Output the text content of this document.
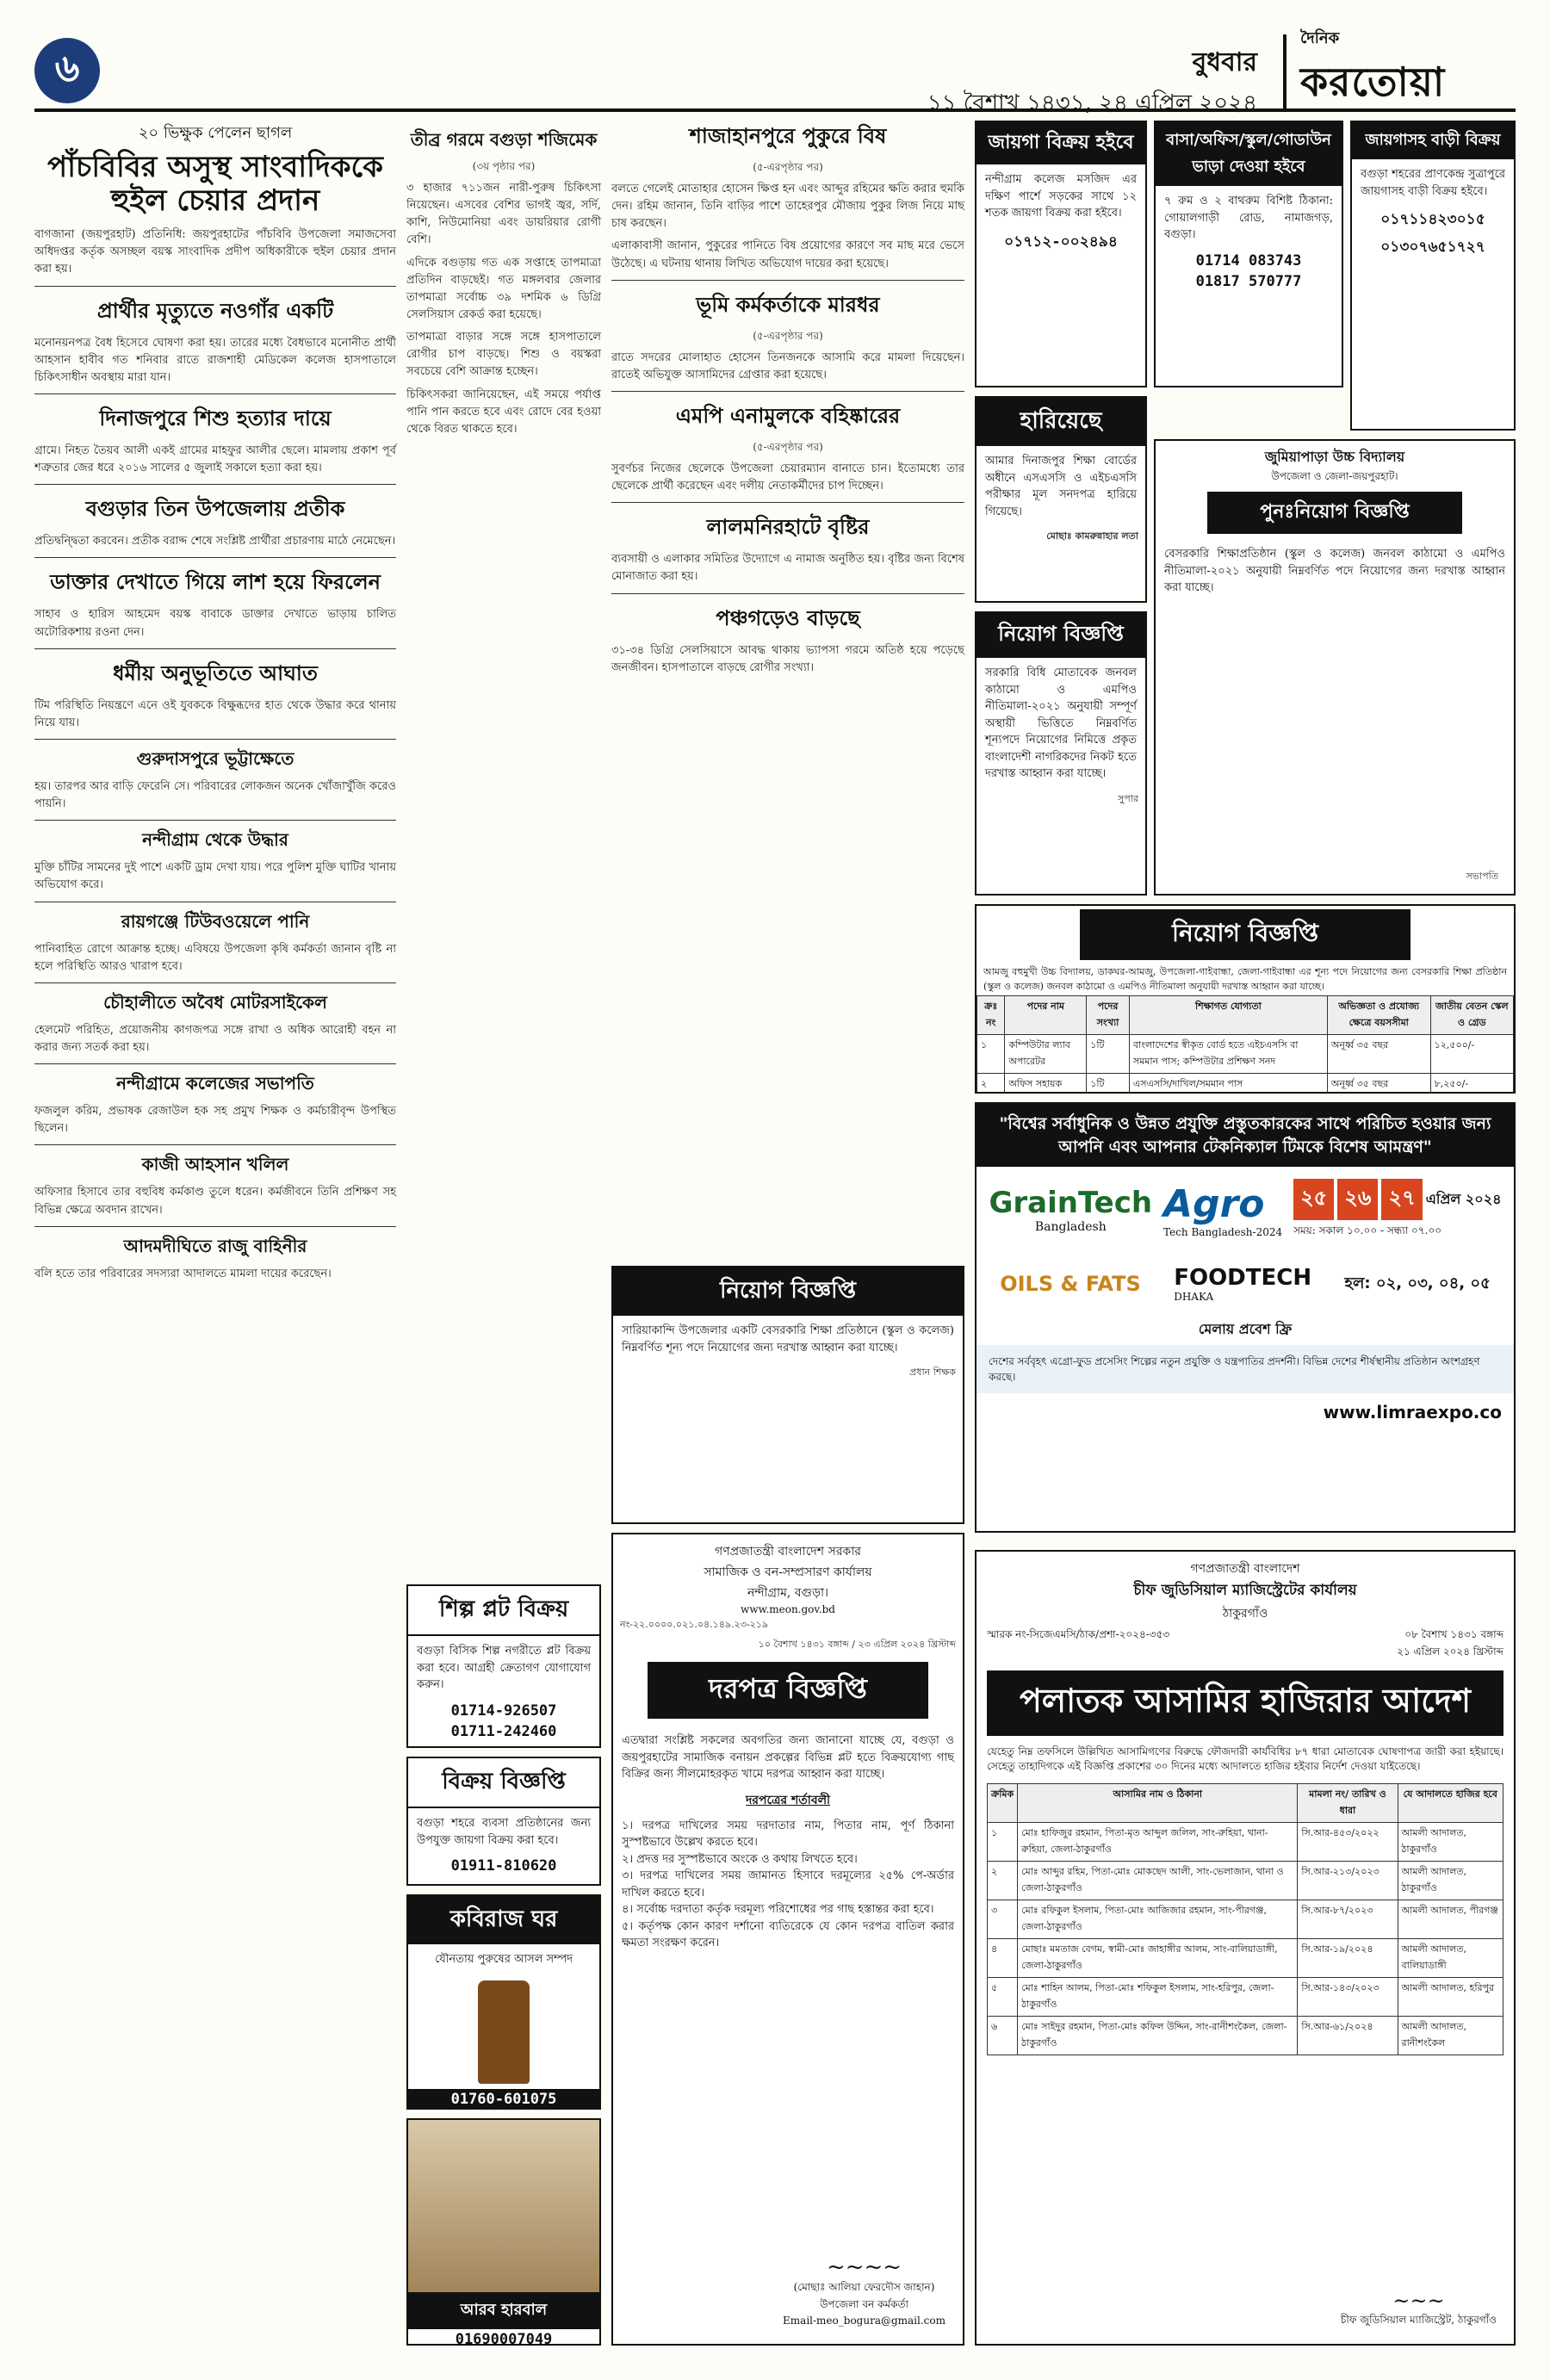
৬	বুধবার
১১ বৈশাখ ১৪৩১, ২৪ এপ্রিল ২০২৪
দৈনিক
করতোয়া
২০ ভিক্ষুক পেলেন ছাগল
পাঁচবিবির অসুস্থ সাংবাদিককে হুইল চেয়ার প্রদান

বাগজানা (জয়পুরহাট) প্রতিনিধি: জয়পুরহাটের পাঁচবিবি উপজেলা সমাজসেবা অধিদপ্তর কর্তৃক অসচ্ছল বয়স্ক সাংবাদিক প্রদীপ অধিকারীকে হুইল চেয়ার প্রদান করা হয়।

প্রার্থীর মৃত্যুতে নওগাঁর একটি

মনোনয়নপত্র বৈধ হিসেবে ঘোষণা করা হয়। তারের মধ্যে বৈধভাবে মনোনীত প্রার্থী আহসান হাবীব গত শনিবার রাতে রাজশাহী মেডিকেল কলেজ হাসপাতালে চিকিৎসাধীন অবস্থায় মারা যান।

দিনাজপুরে শিশু হত্যার দায়ে

গ্রামে। নিহত তৈয়ব আলী একই গ্রামের মাহফুর আলীর ছেলে। মামলায় প্রকাশ পূর্ব শত্রুতার জের ধরে ২০১৬ সালের ৫ জুলাই সকালে হত্যা করা হয়।

বগুড়ার তিন উপজেলায় প্রতীক

প্রতিদ্বন্দ্বিতা করবেন। প্রতীক বরাদ্দ শেষে সংশ্লিষ্ট প্রার্থীরা প্রচারণায় মাঠে নেমেছেন।

ডাক্তার দেখাতে গিয়ে লাশ হয়ে ফিরলেন

সাহাব ও হারিস আহমেদ বয়স্ক বাবাকে ডাক্তার দেখাতে ভাড়ায় চালিত অটোরিকশায় রওনা দেন।

ধর্মীয় অনুভূতিতে আঘাত

টিম পরিস্থিতি নিয়ন্ত্রণে এনে ওই যুবককে বিক্ষুব্ধদের হাত থেকে উদ্ধার করে থানায় নিয়ে যায়।

গুরুদাসপুরে ভূট্টাক্ষেতে

হয়। তারপর আর বাড়ি ফেরেনি সে। পরিবারের লোকজন অনেক খোঁজাখুঁজি করেও পায়নি।

নন্দীগ্রাম থেকে উদ্ধার

মুক্তি চাঁটির সামনের দুই পাশে একটি ড্রাম দেখা যায়। পরে পুলিশ মুক্তি ঘাটির খানায় অভিযোগ করে।

রায়গঞ্জে টিউবওয়েলে পানি

পানিবাহিত রোগে আক্রান্ত হচ্ছে। এবিষয়ে উপজেলা কৃষি কর্মকর্তা জানান বৃষ্টি না হলে পরিস্থিতি আরও খারাপ হবে।

চৌহালীতে অবৈধ মোটরসাইকেল

হেলমেট পরিহিত, প্রয়োজনীয় কাগজপত্র সঙ্গে রাখা ও অধিক আরোহী বহন না করার জন্য সতর্ক করা হয়।

নন্দীগ্রামে কলেজের সভাপতি

ফজলুল করিম, প্রভাষক রেজাউল হক সহ প্রমুখ শিক্ষক ও কর্মচারীবৃন্দ উপস্থিত ছিলেন।

কাজী আহসান খলিল

অফিসার হিসাবে তার বহুবিধ কর্মকাণ্ড তুলে ধরেন। কর্মজীবনে তিনি প্রশিক্ষণ সহ বিভিন্ন ক্ষেত্রে অবদান রাখেন।

আদমদীঘিতে রাজু বাহিনীর

বলি হতে তার পরিবারের সদস্যরা আদালতে মামলা দায়ের করেছেন।

তীব্র গরমে বগুড়া শজিমেক
(৩য় পৃষ্ঠার পর)

৩ হাজার ৭১১জন নারী-পুরুষ চিকিৎসা নিয়েছেন। এসবের বেশির ভাগই জ্বর, সর্দি, কাশি, নিউমোনিয়া এবং ডায়রিয়ার রোগী বেশি।

এদিকে বগুড়ায় গত এক সপ্তাহে তাপমাত্রা প্রতিদিন বাড়ছেই। গত মঙ্গলবার জেলার তাপমাত্রা সর্বোচ্চ ৩৯ দশমিক ৬ ডিগ্রি সেলসিয়াস রেকর্ড করা হয়েছে।

তাপমাত্রা বাড়ার সঙ্গে সঙ্গে হাসপাতালে রোগীর চাপ বাড়ছে। শিশু ও বয়স্করা সবচেয়ে বেশি আক্রান্ত হচ্ছেন।

চিকিৎসকরা জানিয়েছেন, এই সময়ে পর্যাপ্ত পানি পান করতে হবে এবং রোদে বের হওয়া থেকে বিরত থাকতে হবে।

শিল্প প্লট বিক্রয়
বগুড়া বিসিক শিল্প নগরীতে প্লট বিক্রয় করা হবে। আগ্রহী ক্রেতাগণ যোগাযোগ করুন।
01714-926507
01711-242460
বিক্রয় বিজ্ঞপ্তি
বগুড়া শহরে ব্যবসা প্রতিষ্ঠানের জন্য উপযুক্ত জায়গা বিক্রয় করা হবে।
01911-810620
কবিরাজ ঘর
যৌনতায় পুরুষের আসল সম্পদ
01760-601075
আরব হারবাল
01690007049
শাজাহানপুরে পুকুরে বিষ
(৫-এরপৃষ্ঠার পর)

বলতে গেলেই মোতাহার হোসেন ক্ষিপ্ত হন এবং আব্দুর রহিমের ক্ষতি করার হুমকি দেন। রহিম জানান, তিনি বাড়ির পাশে তাহেরপুর মৌজায় পুকুর লিজ নিয়ে মাছ চাষ করছেন।

এলাকাবাসী জানান, পুকুরের পানিতে বিষ প্রয়োগের কারণে সব মাছ মরে ভেসে উঠেছে। এ ঘটনায় থানায় লিখিত অভিযোগ দায়ের করা হয়েছে।

ভূমি কর্মকর্তাকে মারধর
(৫-এরপৃষ্ঠার পর)

রাতে সদরের মোলাহাত হোসেন তিনজনকে আসামি করে মামলা দিয়েছেন। রাতেই অভিযুক্ত আসামিদের গ্রেপ্তার করা হয়েছে।

এমপি এনামুলকে বহিষ্কারের
(৫-এরপৃষ্ঠার পর)

সুবর্ণচর নিজের ছেলেকে উপজেলা চেয়ারম্যান বানাতে চান। ইতোমধ্যে তার ছেলেকে প্রার্থী করেছেন এবং দলীয় নেতাকর্মীদের চাপ দিচ্ছেন।

লালমনিরহাটে বৃষ্টির

ব্যবসায়ী ও এলাকার সমিতির উদ্যোগে এ নামাজ অনুষ্ঠিত হয়। বৃষ্টির জন্য বিশেষ মোনাজাত করা হয়।

পঞ্চগড়েও বাড়ছে

৩১-৩৪ ডিগ্রি সেলসিয়াসে আবদ্ধ থাকায় ভ্যাপসা গরমে অতিষ্ঠ হয়ে পড়েছে জনজীবন। হাসপাতালে বাড়ছে রোগীর সংখ্যা।

নিয়োগ বিজ্ঞপ্তি
সারিয়াকান্দি উপজেলার একটি বেসরকারি শিক্ষা প্রতিষ্ঠানে (স্কুল ও কলেজ) নিম্নবর্ণিত শূন্য পদে নিয়োগের জন্য দরখাস্ত আহ্বান করা যাচ্ছে।
প্রধান শিক্ষক
গণপ্রজাতন্ত্রী বাংলাদেশ সরকার
সামাজিক ও বন-সম্প্রসারণ কার্যালয়
নন্দীগ্রাম, বগুড়া।
www.meon.gov.bd
নং-২২.০০০০.০২১.০৪.১৪৯.২৩-২১৯
১০ বৈশাখ ১৪৩১ বঙ্গাব্দ / ২৩ এপ্রিল ২০২৪ খ্রিস্টাব্দ
দরপত্র বিজ্ঞপ্তি
এতদ্বারা সংশ্লিষ্ট সকলের অবগতির জন্য জানানো যাচ্ছে যে, বগুড়া ও জয়পুরহাটের সামাজিক বনায়ন প্রকল্পের বিভিন্ন প্লট হতে বিক্রয়যোগ্য গাছ বিক্রির জন্য সীলমোহরকৃত খামে দরপত্র আহ্বান করা যাচ্ছে।
দরপত্রের শর্তাবলী
১। দরপত্র দাখিলের সময় দরদাতার নাম, পিতার নাম, পূর্ণ ঠিকানা সুস্পষ্টভাবে উল্লেখ করতে হবে।
২। প্রদত্ত দর সুস্পষ্টভাবে অংকে ও কথায় লিখতে হবে।
৩। দরপত্র দাখিলের সময় জামানত হিসাবে দরমূল্যের ২৫% পে-অর্ডার দাখিল করতে হবে।
৪। সর্বোচ্চ দরদাতা কর্তৃক দরমূল্য পরিশোধের পর গাছ হস্তান্তর করা হবে।
৫। কর্তৃপক্ষ কোন কারণ দর্শানো ব্যতিরেকে যে কোন দরপত্র বাতিল করার ক্ষমতা সংরক্ষণ করেন।
~~~~
(মোছাঃ আলিয়া ফেরদৌস জাহান)
উপজেলা বন কর্মকর্তা
Email-meo_bogura@gmail.com
জায়গা বিক্রয় হইবে
নন্দীগ্রাম কলেজ মসজিদ এর দক্ষিণ পার্শে সড়কের সাথে ১২ শতক জায়গা বিক্রয় করা হইবে।
০১৭১২-০০২৪৯৪
বাসা/অফিস/স্কুল/গোডাউন ভাড়া দেওয়া হইবে
৭ রুম ও ২ বাথরুম বিশিষ্ট ঠিকানা: গোয়ালগাড়ী রোড, নামাজগড়, বগুড়া।
01714 083743
01817 570777
জায়গাসহ বাড়ী বিক্রয়
বগুড়া শহরের প্রাণকেন্দ্র সুত্রাপুরে জায়গাসহ বাড়ী বিক্রয় হইবে।
০১৭১১৪২৩০১৫
০১৩০৭৬৫১৭২৭
হারিয়েছে
আমার দিনাজপুর শিক্ষা বোর্ডের অধীনে এসএসসি ও এইচএসসি পরীক্ষার মূল সনদপত্র হারিয়ে গিয়েছে।
মোছাঃ কামরুন্নাহার লতা
নিয়োগ বিজ্ঞপ্তি
সরকারি বিধি মোতাবেক জনবল কাঠামো ও এমপিও নীতিমালা-২০২১ অনুযায়ী সম্পূর্ণ অস্থায়ী ভিত্তিতে নিম্নবর্ণিত শূন্যপদে নিয়োগের নিমিত্তে প্রকৃত বাংলাদেশী নাগরিকদের নিকট হতে দরখাস্ত আহ্বান করা যাচ্ছে।
সুপার
জুমিয়াপাড়া উচ্চ বিদ্যালয়
উপজেলা ও জেলা-জয়পুরহাট।
পুনঃনিয়োগ বিজ্ঞপ্তি
বেসরকারি শিক্ষাপ্রতিষ্ঠান (স্কুল ও কলেজ) জনবল কাঠামো ও এমপিও নীতিমালা-২০২১ অনুযায়ী নিম্নবর্ণিত পদে নিয়োগের জন্য দরখাস্ত আহ্বান করা যাচ্ছে।
সভাপতি
নিয়োগ বিজ্ঞপ্তি
আমজু বহুমুখী উচ্চ বিদ্যালয়, ডাকঘর-আমজু, উপজেলা-গাইবান্ধা, জেলা-গাইবান্ধা এর শূন্য পদে নিয়োগের জন্য বেসরকারি শিক্ষা প্রতিষ্ঠান (স্কুল ও কলেজ) জনবল কাঠামো ও এমপিও নীতিমালা অনুযায়ী দরখাস্ত আহ্বান করা যাচ্ছে।
ক্রঃ নং	পদের নাম	পদের সংখ্যা	শিক্ষাগত যোগ্যতা	অভিজ্ঞতা ও প্রযোজ্য ক্ষেত্রে বয়সসীমা	জাতীয় বেতন স্কেল ও গ্রেড
১	কম্পিউটার ল্যাব অপারেটর	১টি	বাংলাদেশের স্বীকৃত বোর্ড হতে এইচএসসি বা সমমান পাস; কম্পিউটার প্রশিক্ষণ সনদ	অনূর্ধ্ব ৩৫ বছর	১২,৫০০/-
২	অফিস সহায়ক	১টি	এসএসসি/দাখিল/সমমান পাস	অনূর্ধ্ব ৩৫ বছর	৮,২৫০/-

"বিশ্বের সর্বাধুনিক ও উন্নত প্রযুক্তি প্রস্তুতকারকের সাথে পরিচিত হওয়ার জন্য আপনি এবং আপনার টেকনিক্যাল টিমকে বিশেষ আমন্ত্রণ"
GrainTech
Bangladesh
Agro
Tech Bangladesh-2024
২৫ ২৬ ২৭ এপ্রিল ২০২৪
সময়: সকাল ১০.০০ - সন্ধ্যা ০৭.০০
OILS & FATS FOODTECH
DHAKA
হল: ০২, ০৩, ০৪, ০৫
মেলায় প্রবেশ ফ্রি
দেশের সর্ববৃহৎ এগ্রো-ফুড প্রসেসিং শিল্পের নতুন প্রযুক্তি ও যন্ত্রপাতির প্রদর্শনী। বিভিন্ন দেশের শীর্ষস্থানীয় প্রতিষ্ঠান অংশগ্রহণ করছে।
www.limraexpo.co
গণপ্রজাতন্ত্রী বাংলাদেশ
চীফ জুডিসিয়াল ম্যাজিস্ট্রেটের কার্যালয়
ঠাকুরগাঁও
স্মারক নং-সিজেএমসি/ঠাক/প্রশা-২০২৪-৩৫৩	০৮ বৈশাখ ১৪৩১ বঙ্গাব্দ
২১ এপ্রিল ২০২৪ খ্রিস্টাব্দ
পলাতক আসামির হাজিরার আদেশ
যেহেতু নিম্ন তফসিলে উল্লিখিত আসামিগণের বিরুদ্ধে ফৌজদারী কার্যবিধির ৮৭ ধারা মোতাবেক ঘোষণাপত্র জারী করা হইয়াছে। সেহেতু তাহাদিগকে এই বিজ্ঞপ্তি প্রকাশের ৩০ দিনের মধ্যে আদালতে হাজির হইবার নির্দেশ দেওয়া যাইতেছে।
ক্রমিক	আসামির নাম ও ঠিকানা	মামলা নং/ তারিখ ও ধারা	যে আদালতে হাজির হবে
১	মোঃ হাফিজুর রহমান, পিতা-মৃত আব্দুল জলিল, সাং-রুহিয়া, থানা-রুহিয়া, জেলা-ঠাকুরগাঁও	সি.আর-৪৫৩/২০২২	আমলী আদালত, ঠাকুরগাঁও
২	মোঃ আব্দুর রহিম, পিতা-মোঃ মোকছেদ আলী, সাং-ভেলাজান, থানা ও জেলা-ঠাকুরগাঁও	সি.আর-২১৩/২০২৩	আমলী আদালত, ঠাকুরগাঁও
৩	মোঃ রফিকুল ইসলাম, পিতা-মোঃ আজিজার রহমান, সাং-পীরগঞ্জ, জেলা-ঠাকুরগাঁও	সি.আর-৮৭/২০২৩	আমলী আদালত, পীরগঞ্জ
৪	মোছাঃ মমতাজ বেগম, স্বামী-মোঃ জাহাঙ্গীর আলম, সাং-বালিয়াডাঙ্গী, জেলা-ঠাকুরগাঁও	সি.আর-১৯/২০২৪	আমলী আদালত, বালিয়াডাঙ্গী
৫	মোঃ শাহিন আলম, পিতা-মোঃ শফিকুল ইসলাম, সাং-হরিপুর, জেলা-ঠাকুরগাঁও	সি.আর-১৪৩/২০২৩	আমলী আদালত, হরিপুর
৬	মোঃ সাইদুর রহমান, পিতা-মোঃ কফিল উদ্দিন, সাং-রানীশংকৈল, জেলা-ঠাকুরগাঁও	সি.আর-৬১/২০২৪	আমলী আদালত, রানীশংকৈল
~~~
চীফ জুডিসিয়াল ম্যাজিস্ট্রেট, ঠাকুরগাঁও
